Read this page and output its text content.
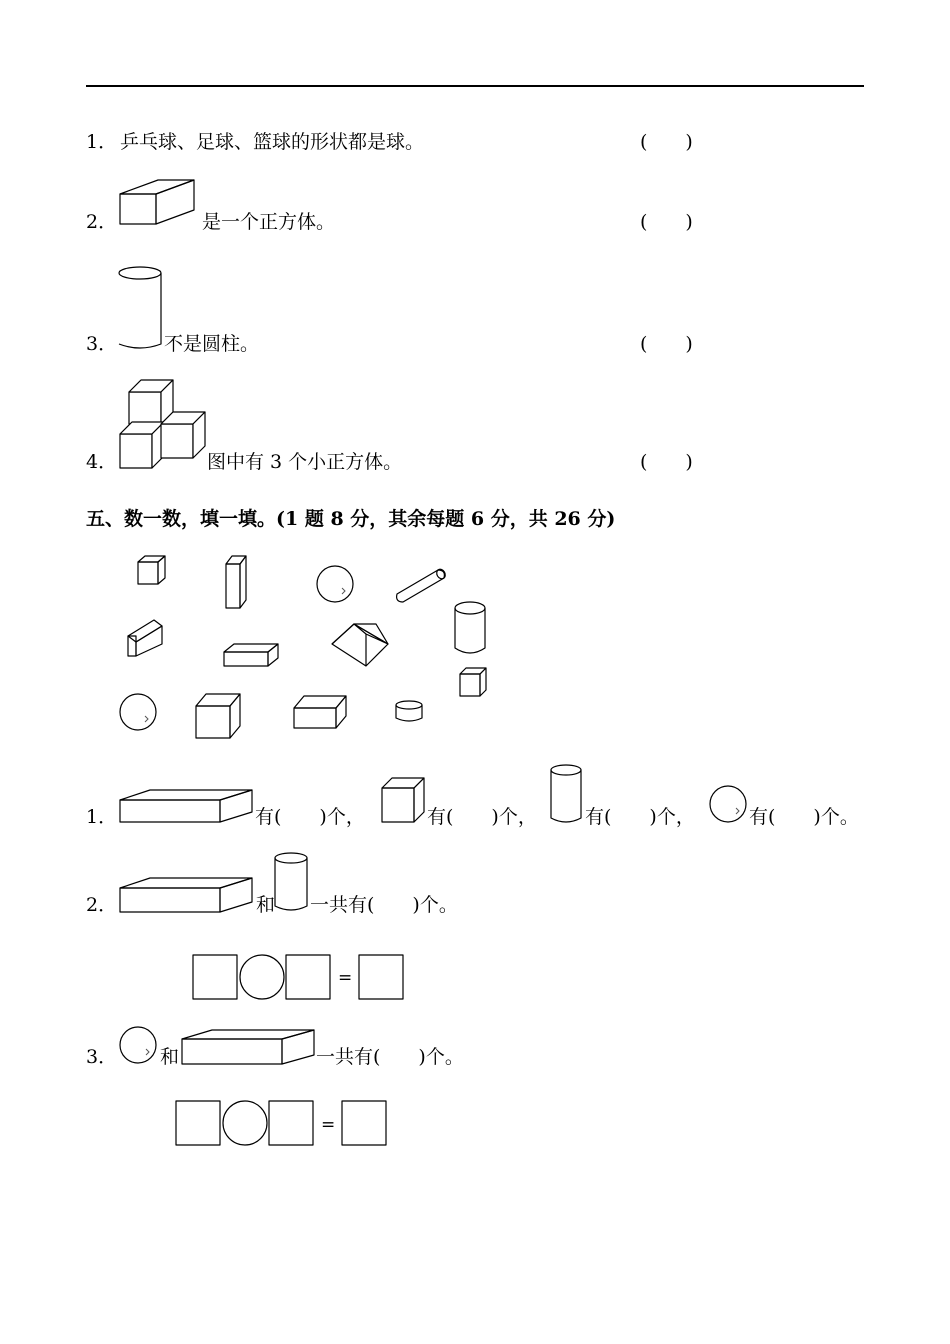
1． 乒乓球、足球、篮球的形状都是球。	(　　)
2．	是一个正方体。	(　　)
3． 不是圆柱。	(　　)
4．	图中有 3 个小正方体。	(　　)
五、数一数，填一填。(1 题 8 分，其余每题 6 分，共 26 分)
1．	有(　　)个，	有(　　)个，	有(　　)个，	有(　　)个。
2．	和 一共有(　　)个。
=
3． 和	一共有(　　)个。
=
